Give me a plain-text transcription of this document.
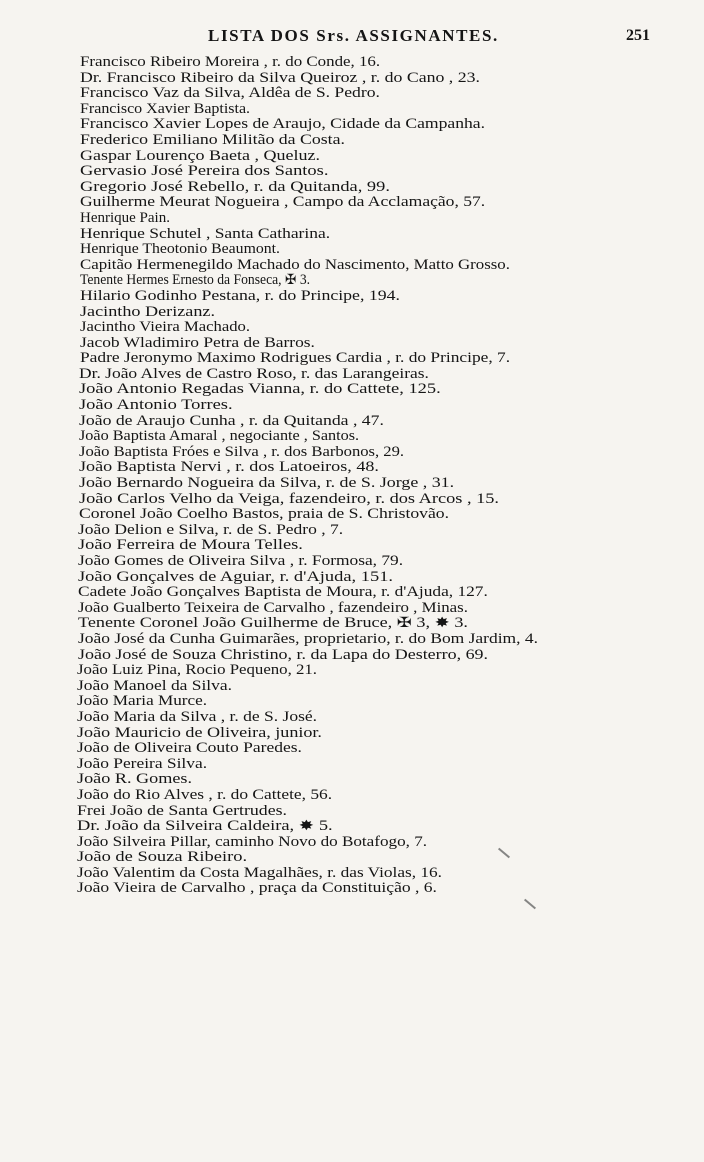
LISTA DOS Srs. ASSIGNANTES.	251
Francisco Ribeiro Moreira , r. do Conde, 16.
Dr. Francisco Ribeiro da Silva Queiroz , r. do Cano , 23.
Francisco Vaz da Silva, Aldêa de S. Pedro.
Francisco Xavier Baptista.
Francisco Xavier Lopes de Araujo, Cidade da Campanha.
Frederico Emiliano Militão da Costa.
Gaspar Lourenço Baeta , Queluz.
Gervasio José Pereira dos Santos.
Gregorio José Rebello, r. da Quitanda, 99.
Guilherme Meurat Nogueira , Campo da Acclamação, 57.
Henrique Pain.
Henrique Schutel , Santa Catharina.
Henrique Theotonio Beaumont.
Capitão Hermenegildo Machado do Nascimento, Matto Grosso.
Tenente Hermes Ernesto da Fonseca, ✠ 3.
Hilario Godinho Pestana, r. do Principe, 194.
Jacintho Derizanz.
Jacintho Vieira Machado.
Jacob Wladimiro Petra de Barros.
Padre Jeronymo Maximo Rodrigues Cardia , r. do Principe, 7.
Dr. João Alves de Castro Roso, r. das Larangeiras.
João Antonio Regadas Vianna, r. do Cattete, 125.
João Antonio Torres.
João de Araujo Cunha , r. da Quitanda , 47.
João Baptista Amaral , negociante , Santos.
João Baptista Fróes e Silva , r. dos Barbonos, 29.
João Baptista Nervi , r. dos Latoeiros, 48.
João Bernardo Nogueira da Silva, r. de S. Jorge , 31.
João Carlos Velho da Veiga, fazendeiro, r. dos Arcos , 15.
Coronel João Coelho Bastos, praia de S. Christovão.
João Delion e Silva, r. de S. Pedro , 7.
João Ferreira de Moura Telles.
João Gomes de Oliveira Silva , r. Formosa, 79.
João Gonçalves de Aguiar, r. d'Ajuda, 151.
Cadete João Gonçalves Baptista de Moura, r. d'Ajuda, 127.
João Gualberto Teixeira de Carvalho , fazendeiro , Minas.
Tenente Coronel João Guilherme de Bruce, ✠ 3, ✸ 3.
João José da Cunha Guimarães, proprietario, r. do Bom Jardim, 4.
João José de Souza Christino, r. da Lapa do Desterro, 69.
João Luiz Pina, Rocio Pequeno, 21.
João Manoel da Silva.
João Maria Murce.
João Maria da Silva , r. de S. José.
João Mauricio de Oliveira, junior.
João de Oliveira Couto Paredes.
João Pereira Silva.
João R. Gomes.
João do Rio Alves , r. do Cattete, 56.
Frei João de Santa Gertrudes.
Dr. João da Silveira Caldeira, ✸ 5.
João Silveira Pillar, caminho Novo do Botafogo, 7.
João de Souza Ribeiro.
João Valentim da Costa Magalhães, r. das Violas, 16.
João Vieira de Carvalho , praça da Constituição , 6.
